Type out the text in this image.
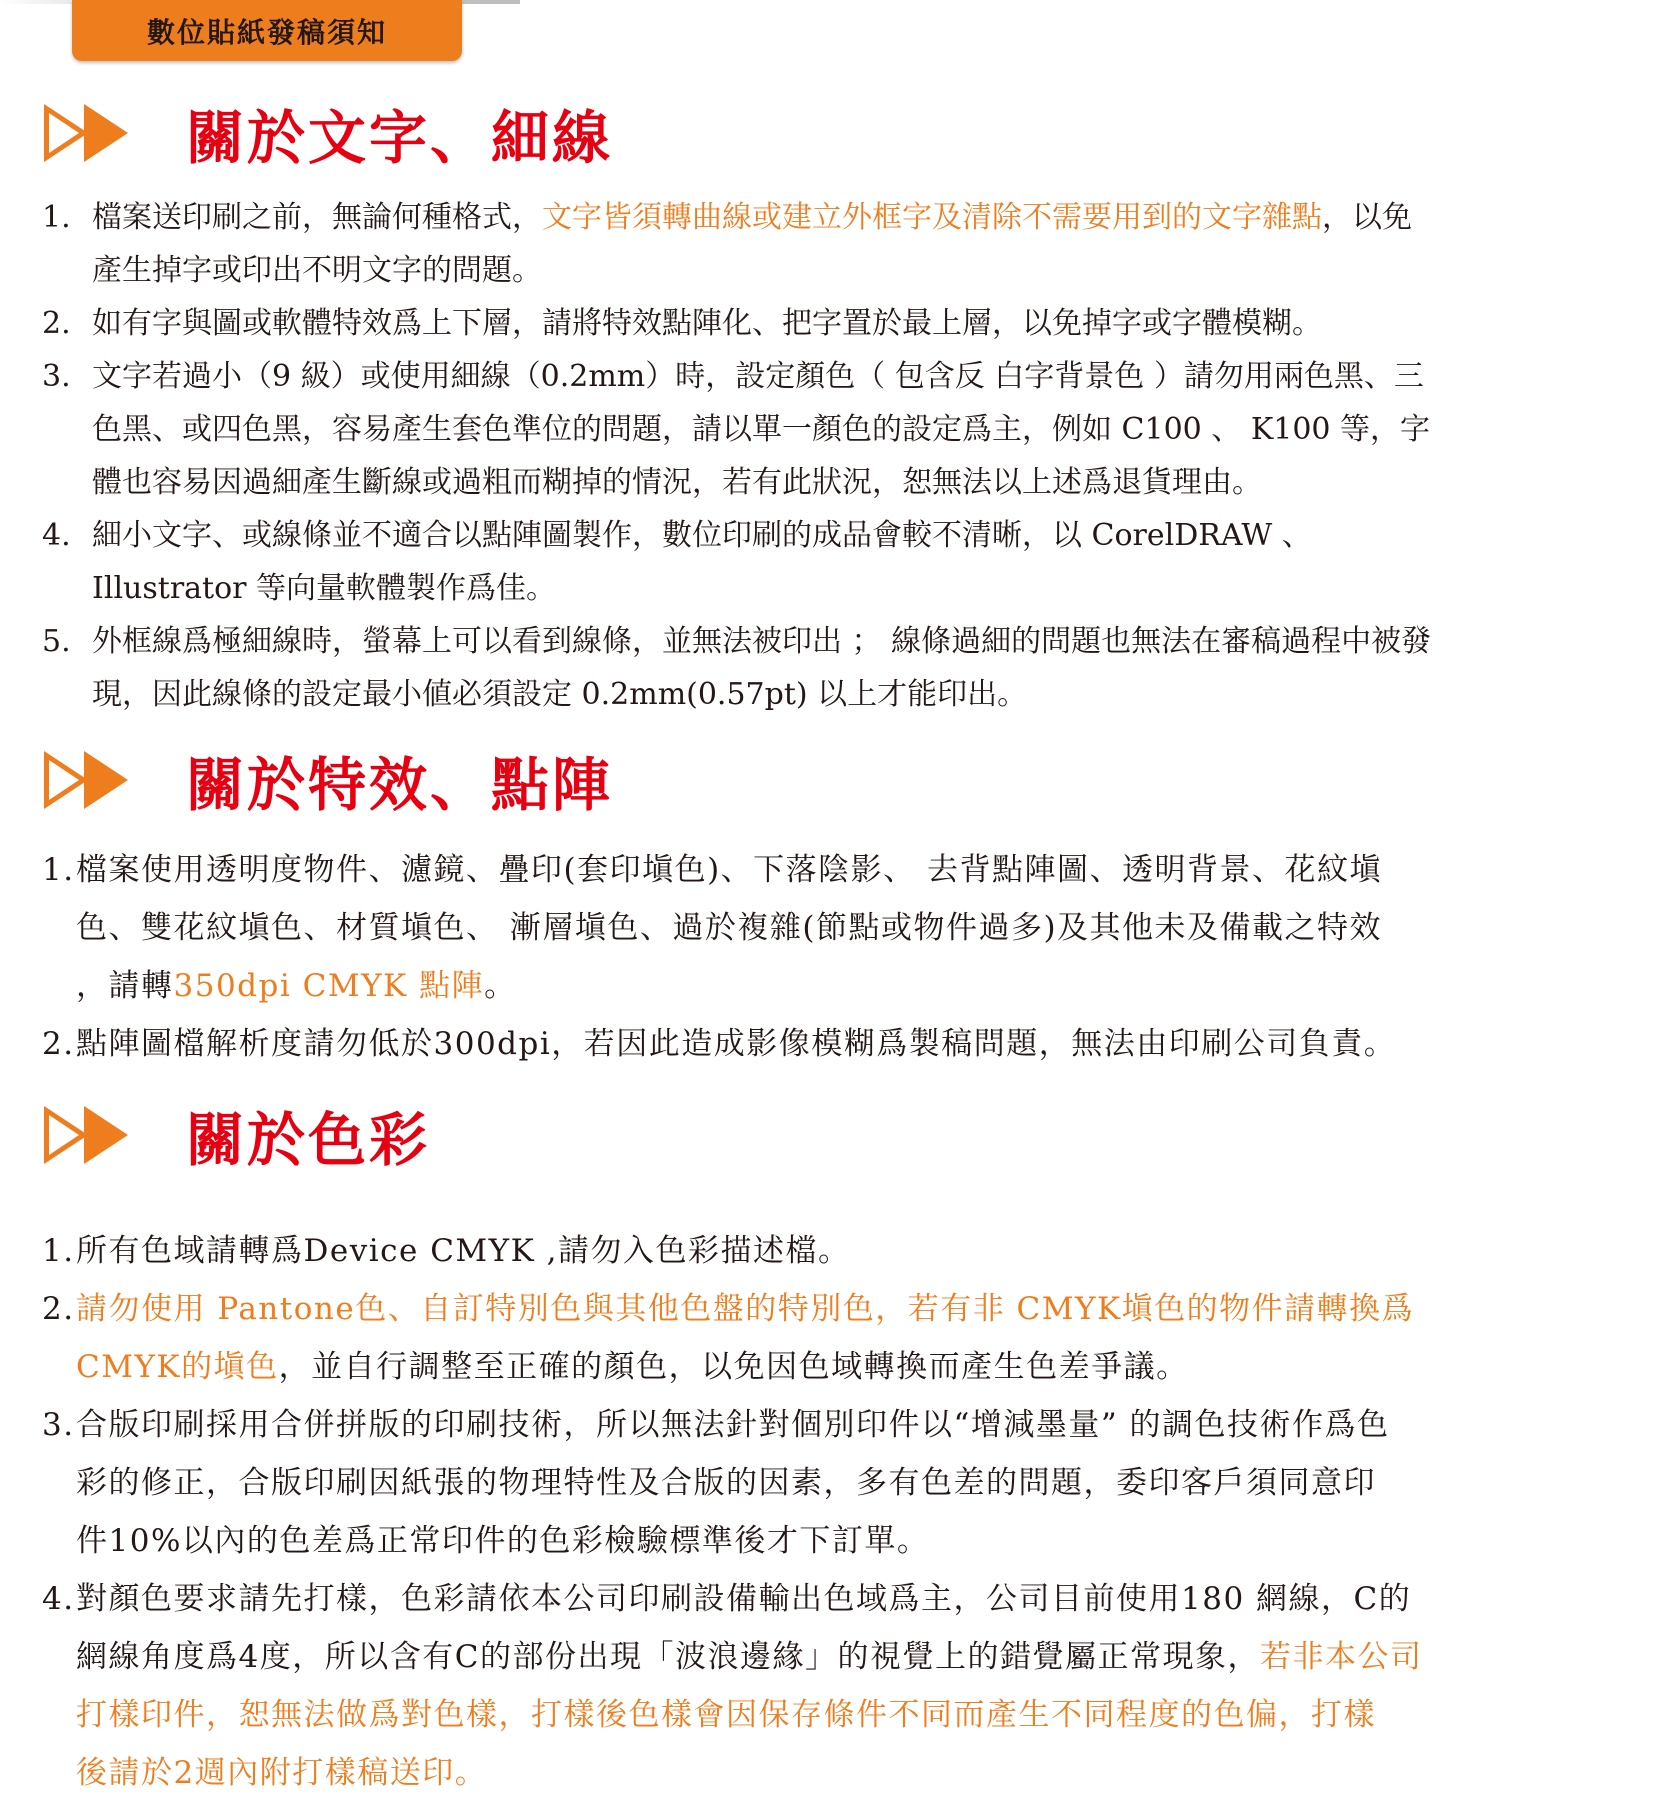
數位貼紙發稿須知
關於文字、細線
1. 檔案送印刷之前，無論何種格式，文字皆須轉曲線或建立外框字及清除不需要用到的文字雜點，以免
產生掉字或印出不明文字的問題。
2. 如有字與圖或軟體特效爲上下層，請將特效點陣化、把字置於最上層，以免掉字或字體模糊。
3. 文字若過小（9 級）或使用細線（0.2mm）時，設定顏色（ 包含反 白字背景色 ）請勿用兩色黑、三
色黑、或四色黑，容易產生套色準位的問題，請以單一顏色的設定爲主，例如 C100 、 K100 等，字
體也容易因過細產生斷線或過粗而糊掉的情況，若有此狀況，恕無法以上述爲退貨理由。
4. 細小文字、或線條並不適合以點陣圖製作，數位印刷的成品會較不清晰，以 CorelDRAW 、
Illustrator 等向量軟體製作爲佳。
5. 外框線爲極細線時，螢幕上可以看到線條，並無法被印出 ； 線條過細的問題也無法在審稿過程中被發
現，因此線條的設定最小値必須設定 0.2mm(0.57pt) 以上才能印出。
關於特效、點陣
1. 檔案使用透明度物件、濾鏡、疊印(套印塡色)、下落陰影、 去背點陣圖、透明背景、花紋塡
色、雙花紋塡色、材質塡色、 漸層塡色、過於複雜(節點或物件過多)及其他未及備載之特效
，請轉350dpi CMYK 點陣。
2. 點陣圖檔解析度請勿低於300dpi，若因此造成影像模糊爲製稿問題，無法由印刷公司負責。
關於色彩
1. 所有色域請轉爲Device CMYK ,請勿入色彩描述檔。
2. 請勿使用 Pantone色、自訂特別色與其他色盤的特別色，若有非 CMYK塡色的物件請轉換爲
CMYK的塡色，並自行調整至正確的顏色，以免因色域轉換而產生色差爭議。
3. 合版印刷採用合併拼版的印刷技術，所以無法針對個別印件以“增減墨量” 的調色技術作爲色
彩的修正，合版印刷因紙張的物理特性及合版的因素，多有色差的問題，委印客戶須同意印
件10%以內的色差爲正常印件的色彩檢驗標準後才下訂單。
4. 對顏色要求請先打樣，色彩請依本公司印刷設備輸出色域爲主，公司目前使用180 網線，C的
網線角度爲4度，所以含有C的部份出現「波浪邊緣」的視覺上的錯覺屬正常現象，若非本公司
打樣印件，恕無法做爲對色樣，打樣後色樣會因保存條件不同而產生不同程度的色偏，打樣
後請於2週內附打樣稿送印。
